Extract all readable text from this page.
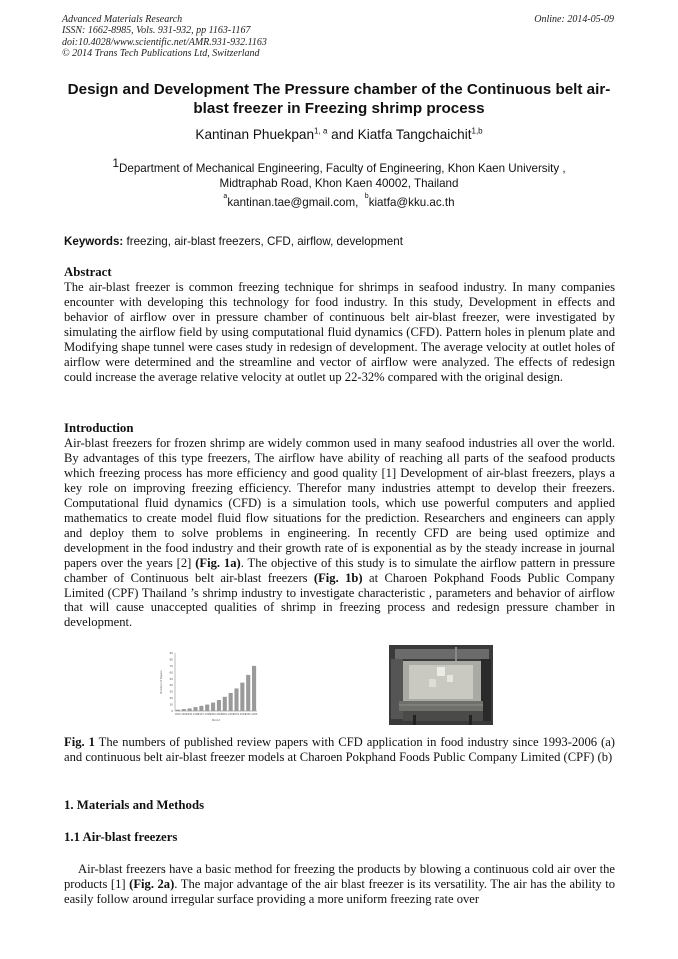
Advanced Materials Research
ISSN: 1662-8985, Vols. 931-932, pp 1163-1167
doi:10.4028/www.scientific.net/AMR.931-932.1163
© 2014 Trans Tech Publications Ltd, Switzerland
Online: 2014-05-09
Design and Development The Pressure chamber of the Continuous belt air-blast freezer in Freezing shrimp process
Kantinan Phuekpan$^{1, a}$ and Kiatfa Tangchaichit$^{1,b}$
1Department of Mechanical Engineering, Faculty of Engineering, Khon Kaen University ,
Midtraphab Road, Khon Kaen 40002, Thailand
$^a$kantinan.tae@gmail.com, $^b$kiatfa@kku.ac.th
Keywords: freezing, air-blast freezers, CFD, airflow, development
Abstract
The air-blast freezer is common freezing technique for shrimps in seafood industry. In many companies encounter with developing this technology for food industry. In this study, Development in effects and behavior of airflow over in pressure chamber of continuous belt air-blast freezer, were investigated by simulating the airflow field by using computational fluid dynamics (CFD). Pattern holes in plenum plate and Modifying shape tunnel were cases study in redesign of development. The average velocity at outlet holes of airflow were determined and the streamline and vector of airflow were analyzed. The effects of redesign could increase the average relative velocity at outlet up 22-32% compared with the original design.
Introduction
Air-blast freezers for frozen shrimp are widely common used in many seafood industries all over the world. By advantages of this type freezers, The airflow have ability of reaching all parts of the seafood products which freezing process has more efficiency and good quality [1] Development of air-blast freezers, plays a key role on improving freezing efficiency. Therefor many industries attempt to develop their freezers. Computational fluid dynamics (CFD) is a simulation tools, which use powerful computers and applied mathematics to create model fluid flow situations for the prediction. Researchers and engineers can apply and deploy them to solve problems in engineering. In recently CFD are being used optimize and development in the food industry and their growth rate of is exponential as by the steady increase in journal papers over the years [2] (Fig. 1a). The objective of this study is to simulate the airflow pattern in pressure chamber of Continuous belt air-blast freezers (Fig. 1b) at Charoen Pokphand Foods Public Company Limited (CPF) Thailand ’s shrimp industry to investigate characteristic , parameters and behavior of airflow that will cause unaccepted qualities of shrimp in freezing process and redesign pressure chamber in development.
0
10
20
30
40
50
60
70
80
90
1993-1994 1995-1996 1997-1998 1999-2000 2001-2002 2003-2004 2005-2006
Number of Papers
Period
Fig. 1 The numbers of published review papers with CFD application in food industry since 1993-2006 (a) and continuous belt air-blast freezer models at Charoen Pokphand Foods Public Company Limited (CPF) (b)
1. Materials and Methods
1.1 Air-blast freezers
Air-blast freezers have a basic method for freezing the products by blowing a continuous cold air over the products [1] (Fig. 2a). The major advantage of the air blast freezer is its versatility. The air has the ability to easily follow around irregular surface providing a more uniform freezing rate over
